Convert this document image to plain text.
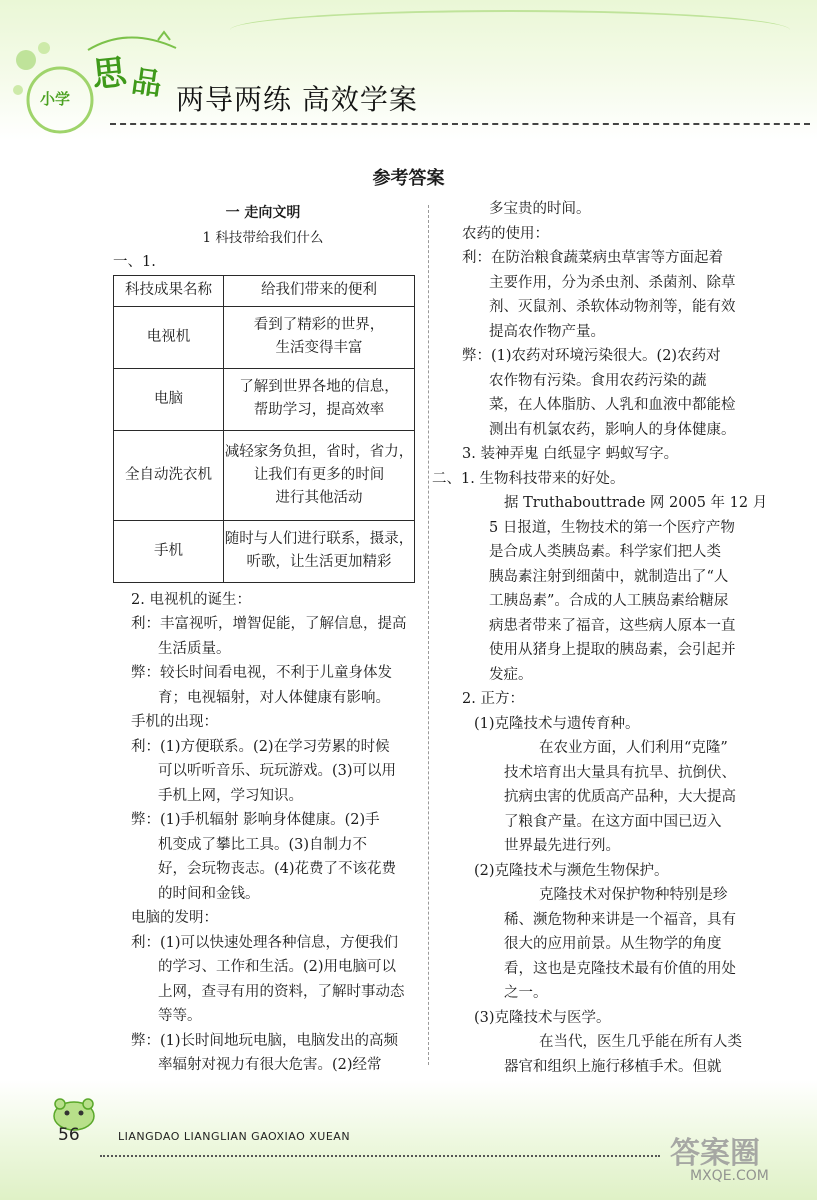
小学
思 品 两导两练 高效学案
参考答案
一 走向文明
1 科技带给我们什么
一、1.
科技成果名称	给我们带来的便利
电视机	看到了精彩的世界，
生活变得丰富

电脑	了解到世界各地的信息，
帮助学习，提高效率

全自动洗衣机	减轻家务负担，省时，省力，
让我们有更多的时间
进行其他活动

手机	随时与人们进行联系，摄录，
听歌，让生活更加精彩
2. 电视机的诞生：
利：丰富视听，增智促能，了解信息，提高
生活质量。
弊：较长时间看电视，不利于儿童身体发
育；电视辐射，对人体健康有影响。
手机的出现：
利：(1)方便联系。(2)在学习劳累的时候
可以听听音乐、玩玩游戏。(3)可以用
手机上网，学习知识。
弊：(1)手机辐射 影响身体健康。(2)手
机变成了攀比工具。(3)自制力不
好，会玩物丧志。(4)花费了不该花费
的时间和金钱。
电脑的发明：
利：(1)可以快速处理各种信息，方便我们
的学习、工作和生活。(2)用电脑可以
上网，查寻有用的资料，了解时事动态
等等。
弊：(1)长时间地玩电脑，电脑发出的高频
率辐射对视力有很大危害。(2)经常
多宝贵的时间。
农药的使用：
利：在防治粮食蔬菜病虫草害等方面起着
主要作用，分为杀虫剂、杀菌剂、除草
剂、灭鼠剂、杀软体动物剂等，能有效
提高农作物产量。
弊：(1)农药对环境污染很大。(2)农药对
农作物有污染。食用农药污染的蔬
菜，在人体脂肪、人乳和血液中都能检
测出有机氯农药，影响人的身体健康。
3. 装神弄鬼 白纸显字 蚂蚁写字。
二、1. 生物科技带来的好处。
据 Truthabouttrade 网 2005 年 12 月
5 日报道，生物技术的第一个医疗产物
是合成人类胰岛素。科学家们把人类
胰岛素注射到细菌中，就制造出了“人
工胰岛素”。合成的人工胰岛素给糖尿
病患者带来了福音，这些病人原本一直
使用从猪身上提取的胰岛素，会引起并
发症。
2. 正方：
(1)克隆技术与遗传育种。
在农业方面，人们利用“克隆”
技术培育出大量具有抗旱、抗倒伏、
抗病虫害的优质高产品种，大大提高
了粮食产量。在这方面中国已迈入
世界最先进行列。
(2)克隆技术与濒危生物保护。
克隆技术对保护物种特别是珍
稀、濒危物种来讲是一个福音，具有
很大的应用前景。从生物学的角度
看，这也是克隆技术最有价值的用处
之一。
(3)克隆技术与医学。
在当代，医生几乎能在所有人类
器官和组织上施行移植手术。但就
56	LIANGDAO LIANGLIAN GAOXIAO XUEAN	答案圈
MXQE.COM
